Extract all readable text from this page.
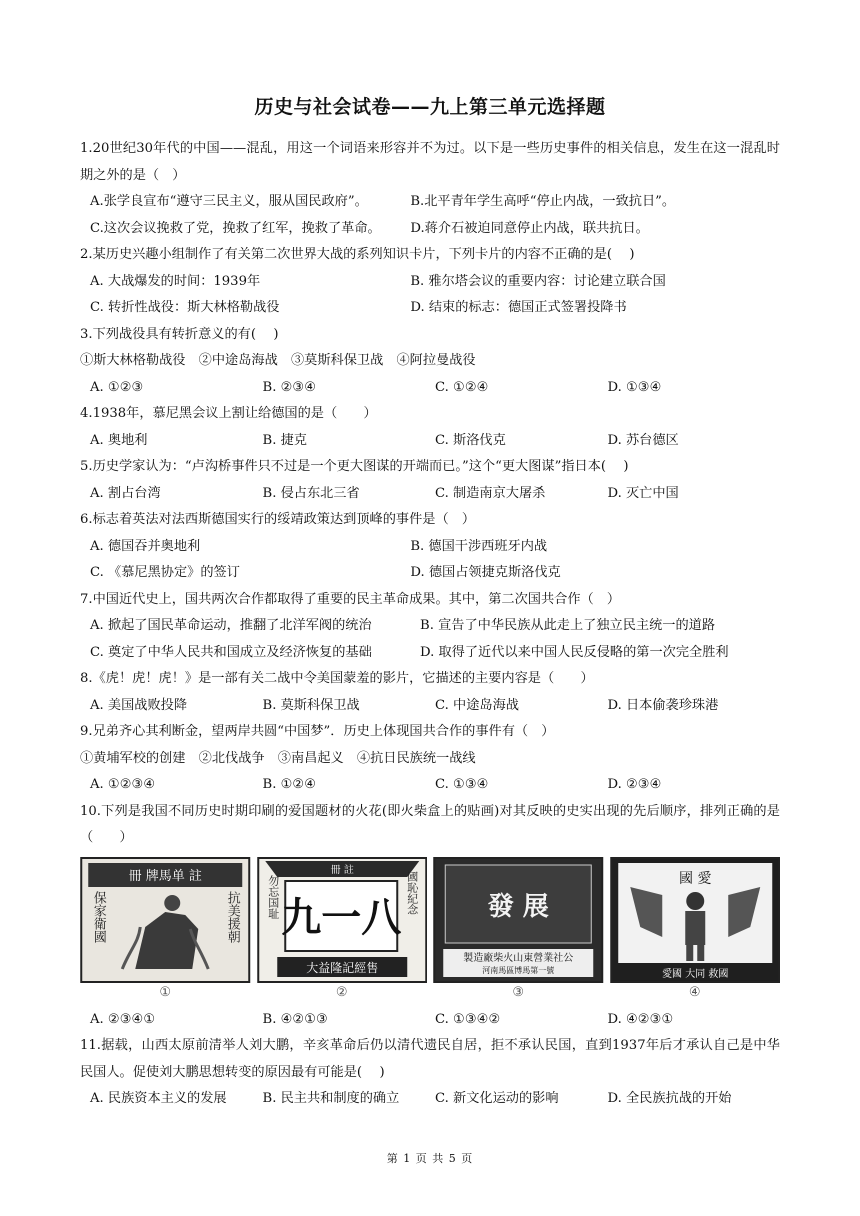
历史与社会试卷——九上第三单元选择题
1.20世纪30年代的中国——混乱，用这一个词语来形容并不为过。以下是一些历史事件的相关信息，发生在这一混乱时期之外的是（　）
A.张学良宣布“遵守三民主义，服从国民政府”。	B.北平青年学生高呼“停止内战，一致抗日”。
C.这次会议挽救了党，挽救了红军，挽救了革命。	D.蒋介石被迫同意停止内战，联共抗日。
2.某历史兴趣小组制作了有关第二次世界大战的系列知识卡片，下列卡片的内容不正确的是(　 )
A. 大战爆发的时间：1939年	B. 雅尔塔会议的重要内容：讨论建立联合国
C. 转折性战役：斯大林格勒战役	D. 结束的标志：德国正式签署投降书
3.下列战役具有转折意义的有(　 )
①斯大林格勒战役　②中途岛海战　③莫斯科保卫战　④阿拉曼战役
A. ①②③	B. ②③④	C. ①②④	D. ①③④
4.1938年，慕尼黑会议上割让给德国的是（　　）
A. 奥地利	B. 捷克	C. 斯洛伐克	D. 苏台德区
5.历史学家认为：“卢沟桥事件只不过是一个更大图谋的开端而已。”这个“更大图谋”指日本(　 )
A. 割占台湾	B. 侵占东北三省	C. 制造南京大屠杀	D. 灭亡中国
6.标志着英法对法西斯德国实行的绥靖政策达到顶峰的事件是（　）
A. 德国吞并奥地利	B. 德国干涉西班牙内战
C. 《慕尼黑协定》的签订	D. 德国占领捷克斯洛伐克
7.中国近代史上，国共两次合作都取得了重要的民主革命成果。其中，第二次国共合作（　）
A. 掀起了国民革命运动，推翻了北洋军阀的统治	B. 宣告了中华民族从此走上了独立民主统一的道路
C. 奠定了中华人民共和国成立及经济恢复的基础	D. 取得了近代以来中国人民反侵略的第一次完全胜利
8.《虎！虎！虎！》是一部有关二战中令美国蒙羞的影片，它描述的主要内容是（　　）
A. 美国战败投降	B. 莫斯科保卫战	C. 中途岛海战	D. 日本偷袭珍珠港
9.兄弟齐心其利断金，望两岸共圆“中国梦”．历史上体现国共合作的事件有（　）
①黄埔军校的创建　②北伐战争　③南昌起义　④抗日民族统一战线
A. ①②③④	B. ①②④	C. ①③④	D. ②③④
10.下列是我国不同历史时期印刷的爱国题材的火花(即火柴盒上的贴画)对其反映的史实出现的先后顺序，排列正确的是（　　）
冊 牌馬单 註
保家衛國	抗美援朝
①
冊 註
九一八
勿忘国耻	國恥紀念
大益隆記經售
②
發 展
製造廠柴火山東營業社公
河南馬區博馬第一號
③
國 愛
愛國 大同 救國
④
A. ②③④①	B. ④②①③	C. ①③④②	D. ④②③①
11.据载，山西太原前清举人刘大鹏，辛亥革命后仍以清代遗民自居，拒不承认民国，直到1937年后才承认自己是中华民国人。促使刘大鹏思想转变的原因最有可能是(　 )
A. 民族资本主义的发展	B. 民主共和制度的确立	C. 新文化运动的影响	D. 全民族抗战的开始
第 1 页 共 5 页
